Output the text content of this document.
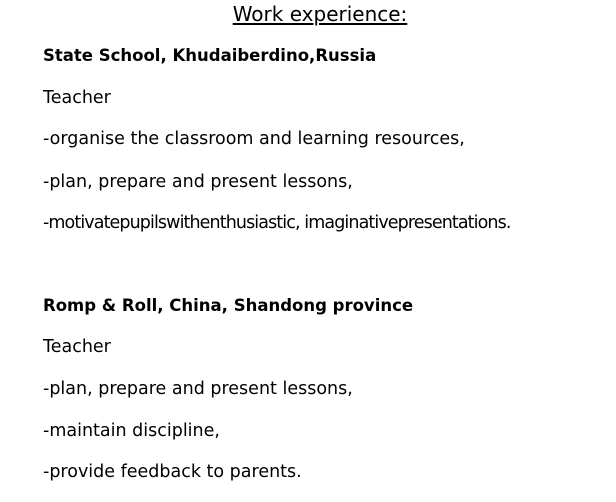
Work experience:

State School, Khudaiberdino,Russia

Teacher

-organise the classroom and learning resources,

-plan, prepare and present lessons,

-motivatepupilswithenthusiastic, imaginativepresentations.

Romp & Roll, China, Shandong province

Teacher

-plan, prepare and present lessons,

-maintain discipline,

-provide feedback to parents.
